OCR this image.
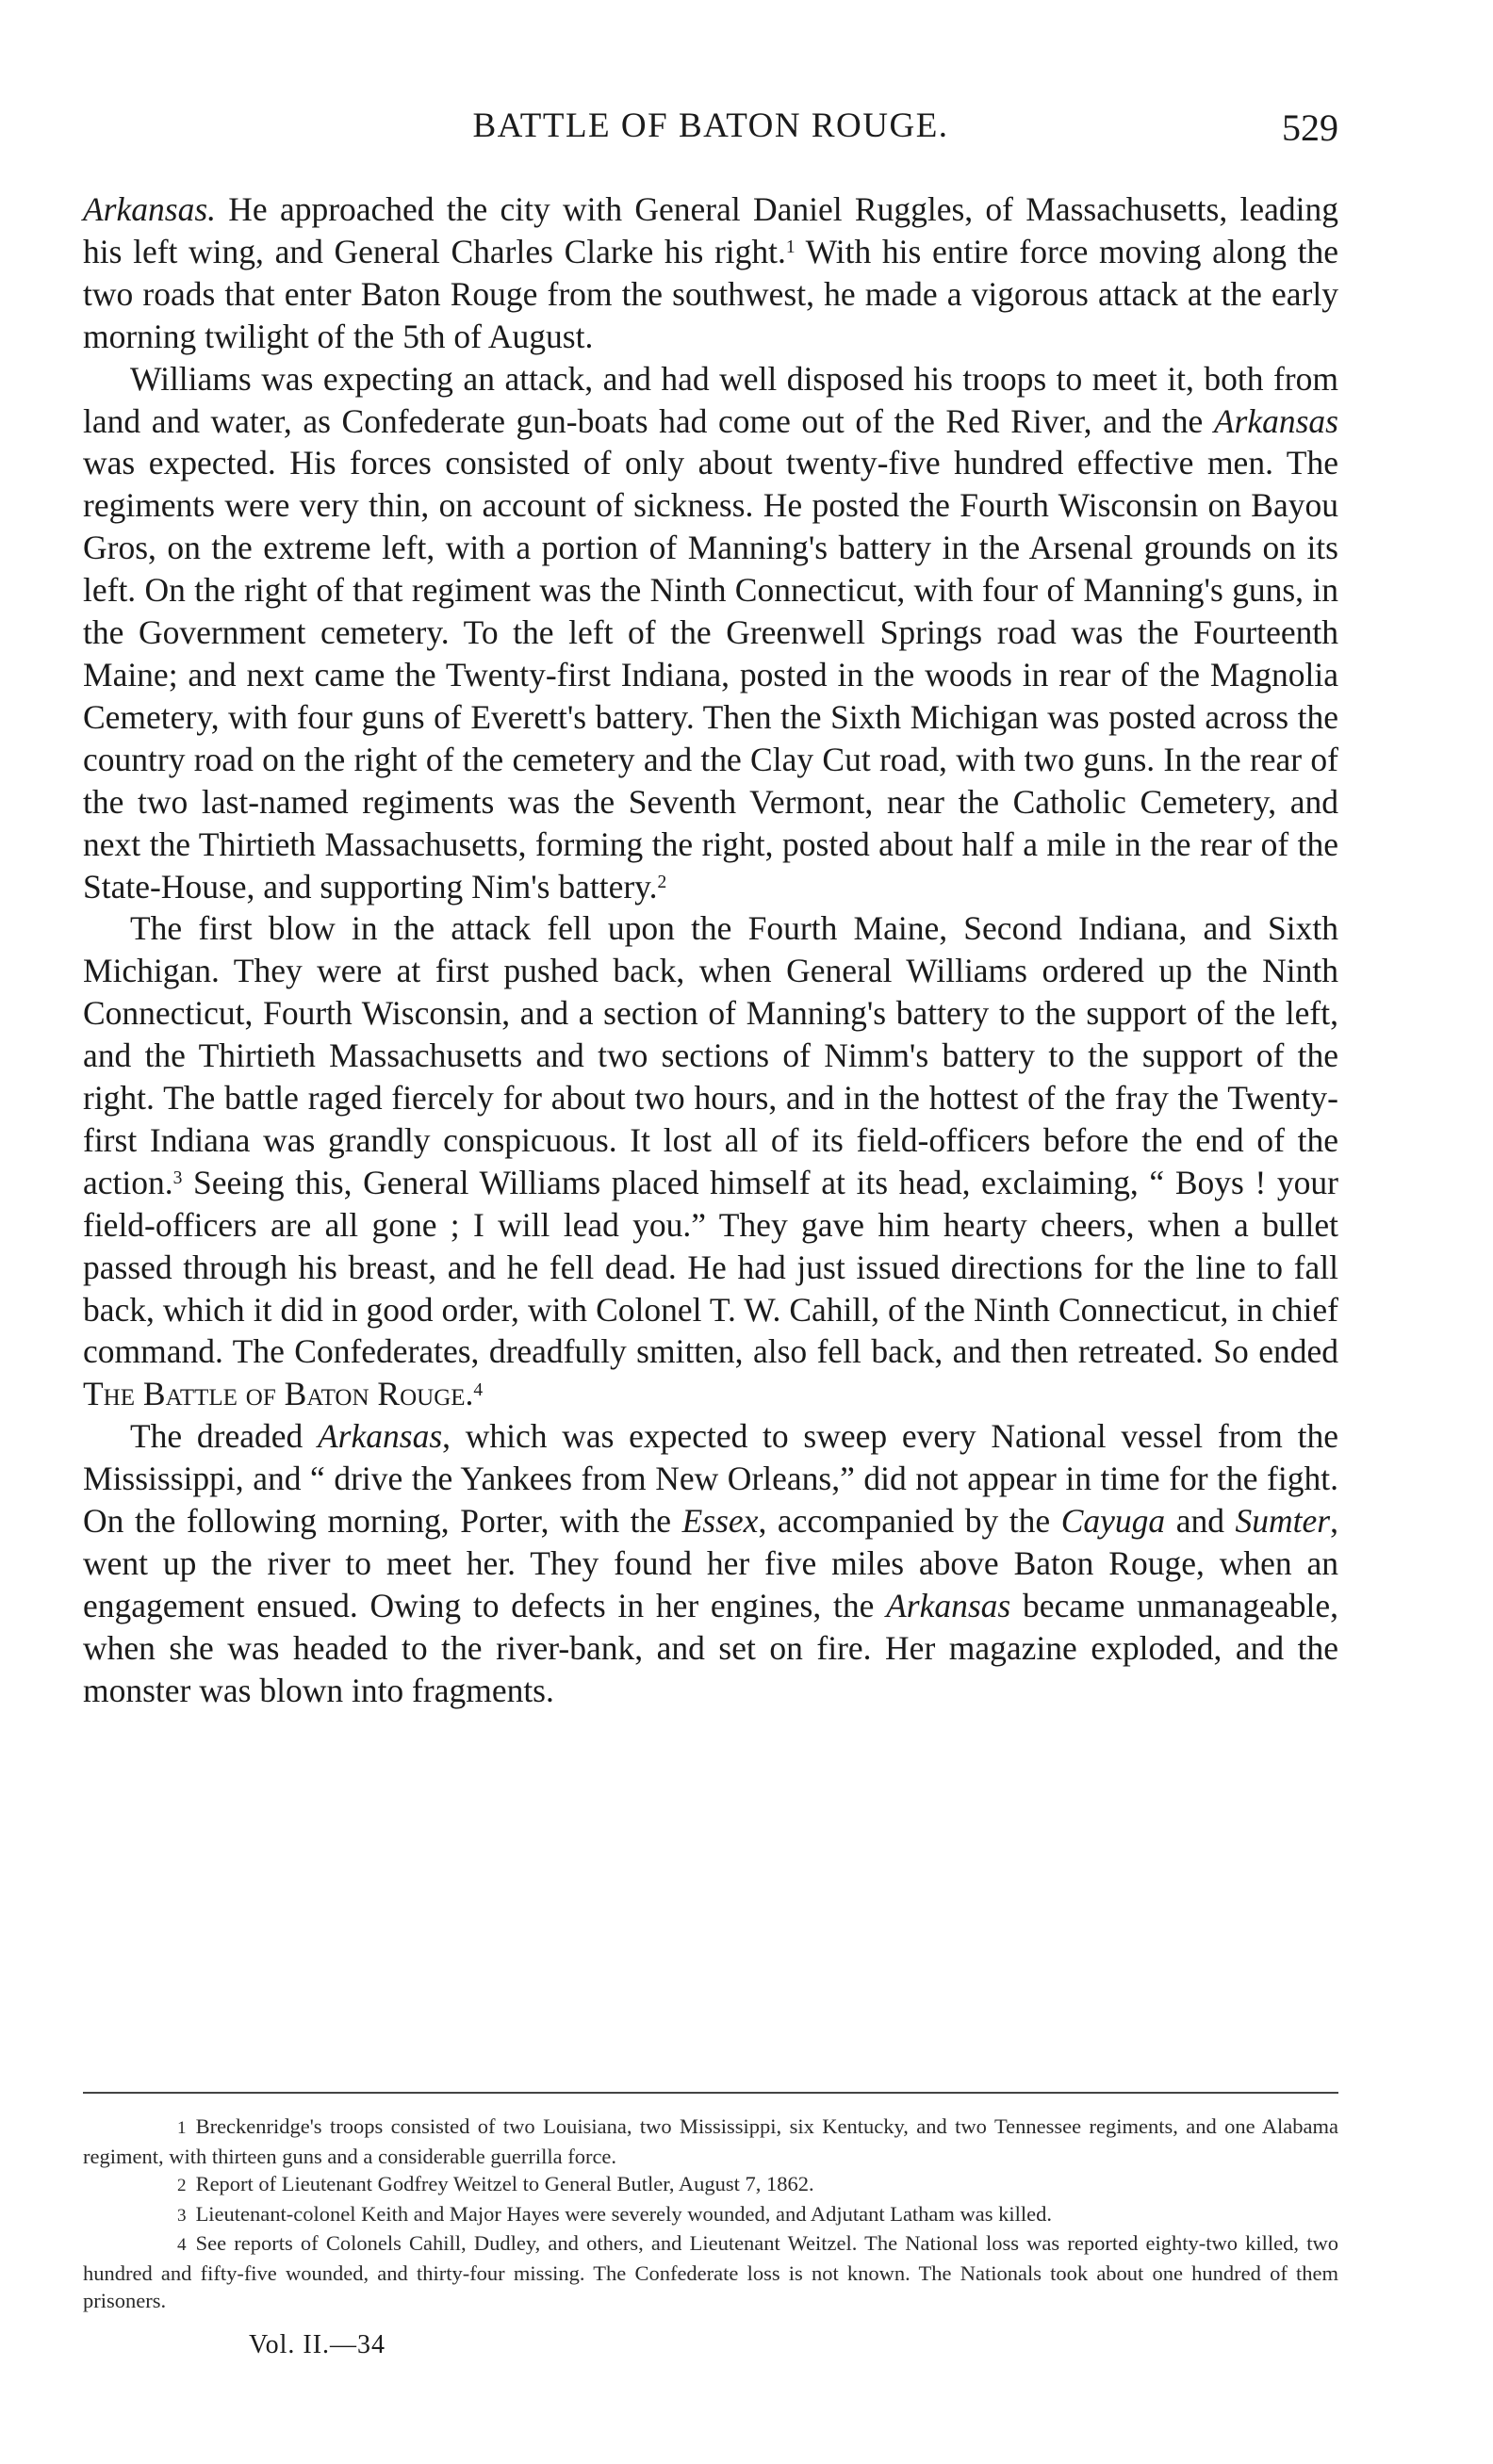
BATTLE OF BATON ROUGE.	529

Arkansas. He approached the city with General Daniel Ruggles, of Massachusetts, leading his left wing, and General Charles Clarke his right.$^1$ With his entire force moving along the two roads that enter Baton Rouge from the southwest, he made a vigorous attack at the early morning twilight of the 5th of August.

Williams was expecting an attack, and had well disposed his troops to meet it, both from land and water, as Confederate gun-boats had come out of the Red River, and the Arkansas was expected. His forces consisted of only about twenty-five hundred effective men. The regiments were very thin, on account of sickness. He posted the Fourth Wisconsin on Bayou Gros, on the extreme left, with a portion of Manning's battery in the Arsenal grounds on its left. On the right of that regiment was the Ninth Connecticut, with four of Manning's guns, in the Government cemetery. To the left of the Greenwell Springs road was the Fourteenth Maine; and next came the Twenty-first Indiana, posted in the woods in rear of the Magnolia Cemetery, with four guns of Everett's battery. Then the Sixth Michigan was posted across the country road on the right of the cemetery and the Clay Cut road, with two guns. In the rear of the two last-named regiments was the Seventh Vermont, near the Catholic Cemetery, and next the Thirtieth Massachusetts, forming the right, posted about half a mile in the rear of the State-House, and supporting Nim's battery.$^2$

The first blow in the attack fell upon the Fourth Maine, Second Indiana, and Sixth Michigan. They were at first pushed back, when General Williams ordered up the Ninth Connecticut, Fourth Wisconsin, and a section of Manning's battery to the support of the left, and the Thirtieth Massachusetts and two sections of Nimm's battery to the support of the right. The battle raged fiercely for about two hours, and in the hottest of the fray the Twenty-first Indiana was grandly conspicuous. It lost all of its field-officers before the end of the action.$^3$ Seeing this, General Williams placed himself at its head, exclaiming, “ Boys ! your field-officers are all gone ; I will lead you.” They gave him hearty cheers, when a bullet passed through his breast, and he fell dead. He had just issued directions for the line to fall back, which it did in good order, with Colonel T. W. Cahill, of the Ninth Connecticut, in chief command. The Confederates, dreadfully smitten, also fell back, and then retreated. So ended The Battle of Baton Rouge.$^4$

The dreaded Arkansas, which was expected to sweep every National vessel from the Mississippi, and “ drive the Yankees from New Orleans,” did not appear in time for the fight. On the following morning, Porter, with the Essex, accompanied by the Cayuga and Sumter, went up the river to meet her. They found her five miles above Baton Rouge, when an engagement ensued. Owing to defects in her engines, the Arkansas became unmanageable, when she was headed to the river-bank, and set on fire. Her magazine exploded, and the monster was blown into fragments.

1 Breckenridge's troops consisted of two Louisiana, two Mississippi, six Kentucky, and two Tennessee regiments, and one Alabama regiment, with thirteen guns and a considerable guerrilla force.

2 Report of Lieutenant Godfrey Weitzel to General Butler, August 7, 1862.

3 Lieutenant-colonel Keith and Major Hayes were severely wounded, and Adjutant Latham was killed.

4 See reports of Colonels Cahill, Dudley, and others, and Lieutenant Weitzel. The National loss was reported eighty-two killed, two hundred and fifty-five wounded, and thirty-four missing. The Confederate loss is not known. The Nationals took about one hundred of them prisoners.

Vol. II.—34
